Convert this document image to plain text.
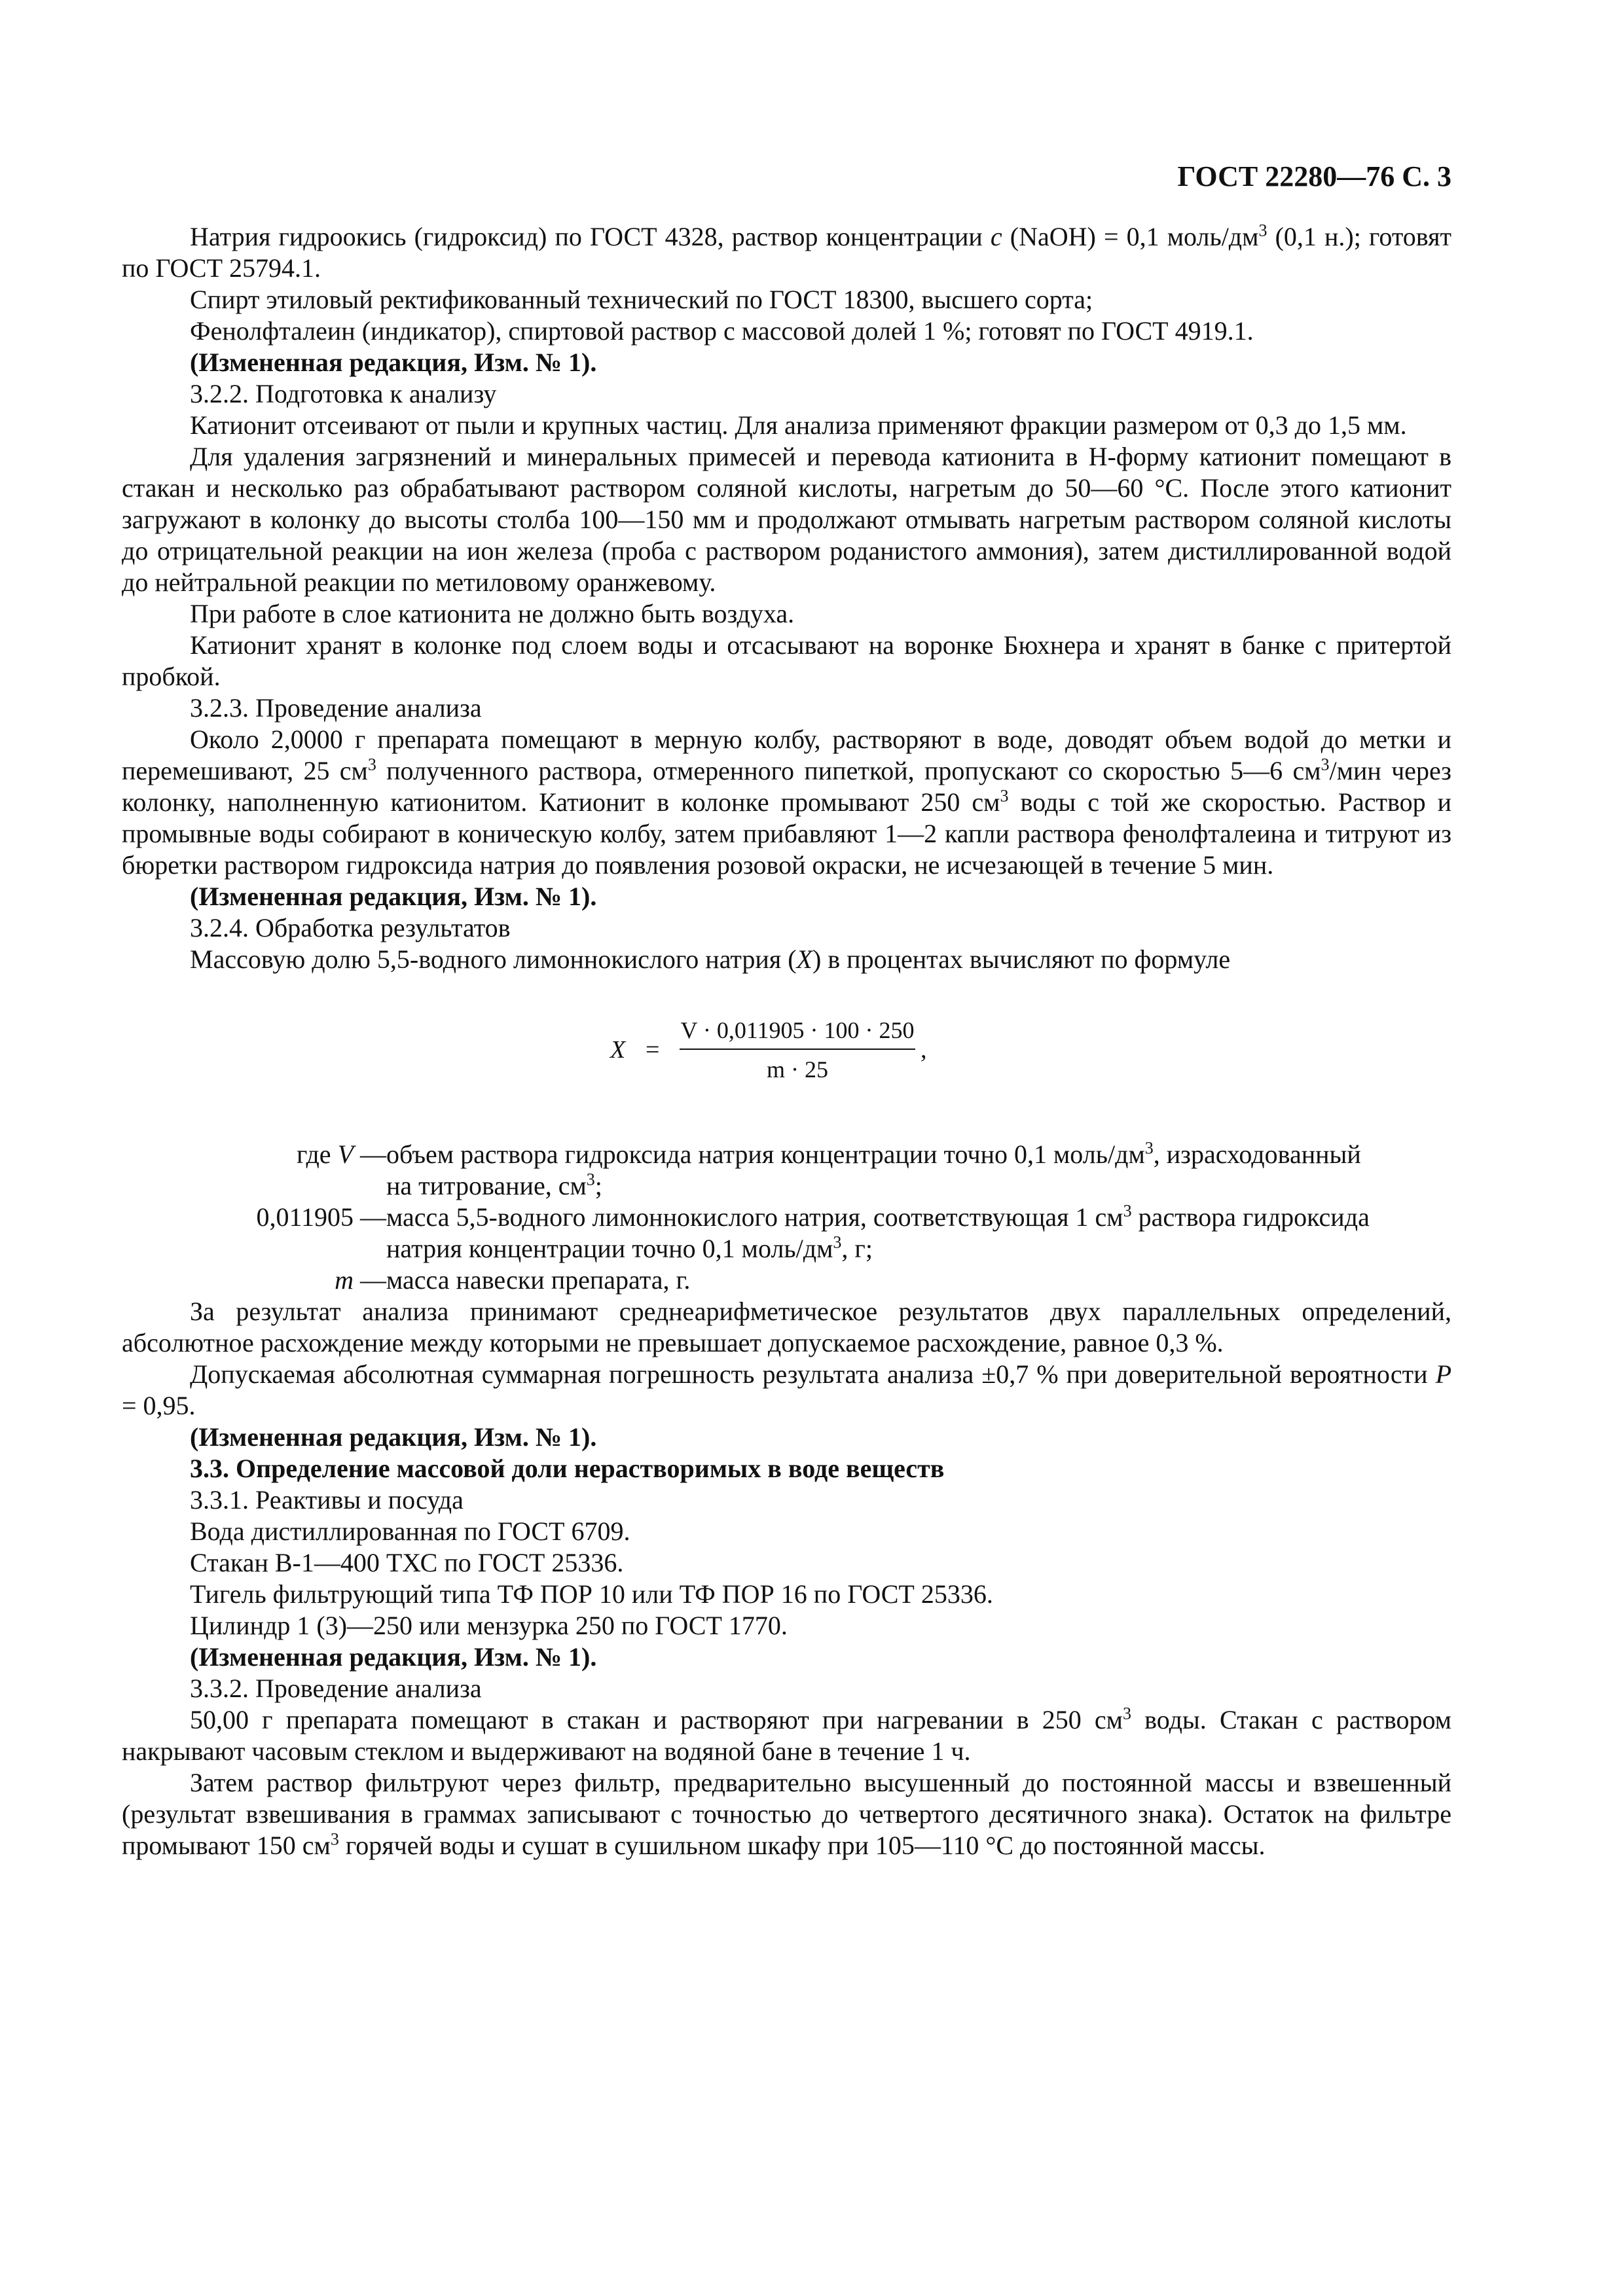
ГОСТ 22280—76 С. 3

Натрия гидроокись (гидроксид) по ГОСТ 4328, раствор концентрации c (NaOH) = 0,1 моль/$дм^3$ (0,1 н.); готовят по ГОСТ 25794.1.

Спирт этиловый ректификованный технический по ГОСТ 18300, высшего сорта;

Фенолфталеин (индикатор), спиртовой раствор с массовой долей 1 %; готовят по ГОСТ 4919.1.

(Измененная редакция, Изм. № 1).

3.2.2. Подготовка к анализу

Катионит отсеивают от пыли и крупных частиц. Для анализа применяют фракции размером от 0,3 до 1,5 мм.

Для удаления загрязнений и минеральных примесей и перевода катионита в Н-форму катионит помещают в стакан и несколько раз обрабатывают раствором соляной кислоты, нагретым до 50—60 °С. После этого катионит загружают в колонку до высоты столба 100—150 мм и продолжают отмывать нагретым раствором соляной кислоты до отрицательной реакции на ион железа (проба с раствором роданистого аммония), затем дистиллированной водой до нейтральной реакции по метиловому оранжевому.

При работе в слое катионита не должно быть воздуха.

Катионит хранят в колонке под слоем воды и отсасывают на воронке Бюхнера и хранят в банке с притертой пробкой.

3.2.3. Проведение анализа

Около 2,0000 г препарата помещают в мерную колбу, растворяют в воде, доводят объем водой до метки и перемешивают, 25 $см^3$ полученного раствора, отмеренного пипеткой, пропускают со скоростью 5—6 $см^3$/мин через колонку, наполненную катионитом. Катионит в колонке промывают 250 $см^3$ воды с той же скоростью. Раствор и промывные воды собирают в коническую колбу, затем прибавляют 1—2 капли раствора фенолфталеина и титруют из бюретки раствором гидроксида натрия до появления розовой окраски, не исчезающей в течение 5 мин.

(Измененная редакция, Изм. № 1).

3.2.4. Обработка результатов

Массовую долю 5,5-водного лимоннокислого натрия (X) в процентах вычисляют по формуле

X =
V · 0,011905 · 100 · 250
m · 25
,
где V — объем раствора гидроксида натрия концентрации точно 0,1 моль/$дм^3$, израсходованный
на титрование, $см^3$;
0,011905 — масса 5,5-водного лимоннокислого натрия, соответствующая 1 $см^3$ раствора гидроксида
натрия концентрации точно 0,1 моль/$дм^3$, г;
m — масса навески препарата, г.

За результат анализа принимают среднеарифметическое результатов двух параллельных определений, абсолютное расхождение между которыми не превышает допускаемое расхождение, равное 0,3 %.

Допускаемая абсолютная суммарная погрешность результата анализа ±0,7 % при доверительной вероятности P = 0,95.

(Измененная редакция, Изм. № 1).

3.3. Определение массовой доли нерастворимых в воде веществ

3.3.1. Реактивы и посуда

Вода дистиллированная по ГОСТ 6709.

Стакан В-1—400 ТХС по ГОСТ 25336.

Тигель фильтрующий типа ТФ ПОР 10 или ТФ ПОР 16 по ГОСТ 25336.

Цилиндр 1 (3)—250 или мензурка 250 по ГОСТ 1770.

(Измененная редакция, Изм. № 1).

3.3.2. Проведение анализа

50,00 г препарата помещают в стакан и растворяют при нагревании в 250 $см^3$ воды. Стакан с раствором накрывают часовым стеклом и выдерживают на водяной бане в течение 1 ч.

Затем раствор фильтруют через фильтр, предварительно высушенный до постоянной массы и взвешенный (результат взвешивания в граммах записывают с точностью до четвертого десятичного знака). Остаток на фильтре промывают 150 $см^3$ горячей воды и сушат в сушильном шкафу при 105—110 °С до постоянной массы.
